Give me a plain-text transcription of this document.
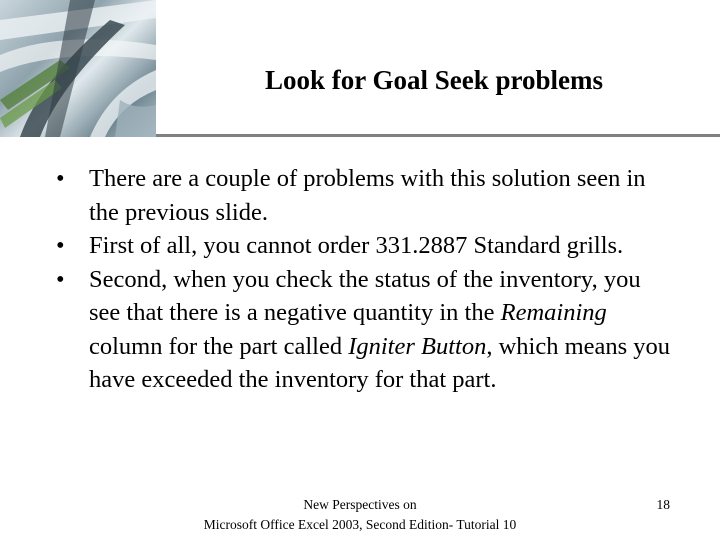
Look for Goal Seek problems
• There are a couple of problems with this solution seen in the previous slide.
• First of all, you cannot order 331.2887 Standard grills.
• Second, when you check the status of the inventory, you see that there is a negative quantity in the Remaining column for the part called Igniter Button, which means you have exceeded the inventory for that part.
New Perspectives on
Microsoft Office Excel 2003, Second Edition- Tutorial 10
18
